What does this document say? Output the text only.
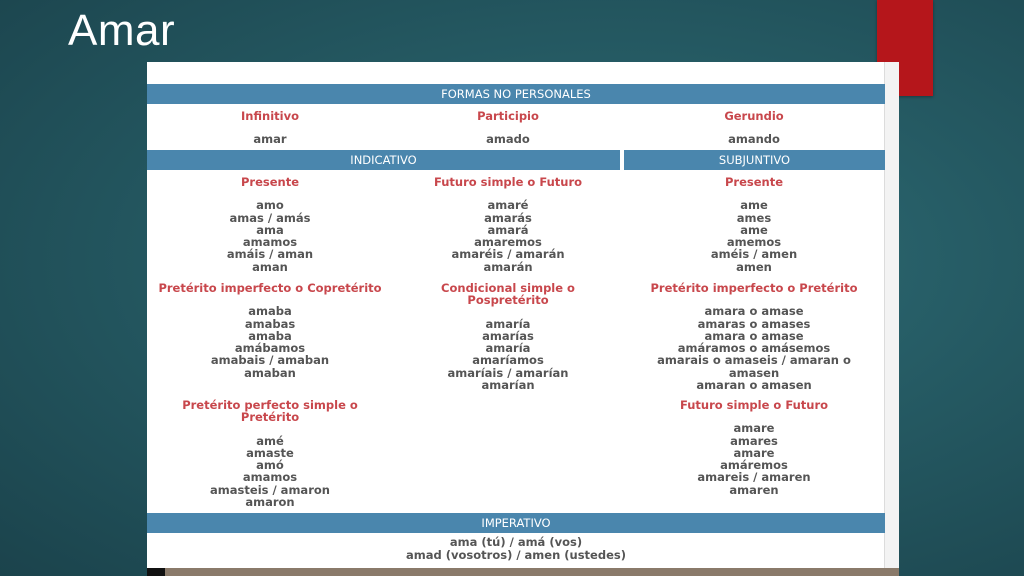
Amar
FORMAS NO PERSONALES
Infinitivo
amar
Participio
amado
Gerundio
amando
INDICATIVO	SUBJUNTIVO
Presente
amo
amas / amás
ama
amamos
amáis / aman
aman
Futuro simple o Futuro
amaré
amarás
amará
amaremos
amaréis / amarán
amarán
Presente
ame
ames
ame
amemos
améis / amen
amen
Pretérito imperfecto o Copretérito
amaba
amabas
amaba
amábamos
amabais / amaban
amaban
Condicional simple o Pospretérito
amaría
amarías
amaría
amaríamos
amaríais / amarían
amarían
Pretérito imperfecto o Pretérito
amara o amase
amaras o amases
amara o amase
amáramos o amásemos
amarais o amaseis / amaran o amasen
amaran o amasen
Pretérito perfecto simple o Pretérito
amé
amaste
amó
amamos
amasteis / amaron
amaron
Futuro simple o Futuro
amare
amares
amare
amáremos
amareis / amaren
amaren
IMPERATIVO
ama (tú) / amá (vos)
amad (vosotros) / amen (ustedes)
